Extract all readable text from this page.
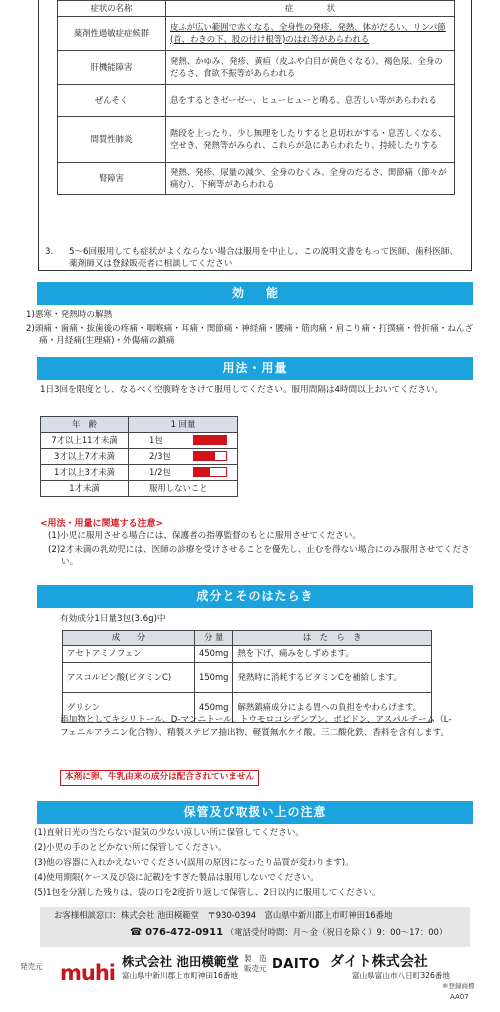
症状の名称	症　　　　状
薬剤性過敏症症候群	皮ふが広い範囲で赤くなる、全身性の発疹、発熱、体がだるい、リンパ節(首、わきの下、股の付け根等)のはれ等があらわれる
肝機能障害	発熱、かゆみ、発疹、黄疸（皮ふや白目が黄色くなる）、褐色尿、全身のだるさ、食欲不振等があらわれる
ぜんそく	息をするときゼーゼー、ヒューヒューと鳴る、息苦しい等があらわれる
間質性肺炎	階段を上ったり、少し無理をしたりすると息切れがする・息苦しくなる、空せき、発熱等がみられ、これらが急にあらわれたり、持続したりする
腎障害	発熱、発疹、尿量の減少、全身のむくみ、全身のだるさ、関節痛（節々が痛む）、下痢等があらわれる
3.	5～6回服用しても症状がよくならない場合は服用を中止し、この説明文書をもって医師、歯科医師、薬剤師又は登録販売者に相談してください
効能
1)悪寒・発熱時の解熱
2)頭痛・歯痛・抜歯後の疼痛・咽喉痛・耳痛・関節痛・神経痛・腰痛・筋肉痛・肩こり痛・打撲痛・骨折痛・ねんざ痛・月経痛(生理痛)・外傷痛の鎮痛
用法・用量
1日3回を限度とし、なるべく空腹時をさけて服用してください。服用間隔は4時間以上おいてください。
年　齢	1 回量
7才以上11才未満	1包

3才以上7才未満	2/3包

1才以上3才未満	1/2包

1才未満	服用しないこと
<用法・用量に関連する注意>
(1)小児に服用させる場合には、保護者の指導監督のもとに服用させてください。
(2)2才未満の乳幼児には、医師の診療を受けさせることを優先し、止むを得ない場合にのみ服用させてください。
成分とそのはたらき
有効成分1日量3包(3.6g)中
成　　分	分 量	は　た　ら　き
アセトアミノフェン	450mg	熱を下げ、痛みをしずめます。
アスコルビン酸(ビタミンC)	150mg	発熱時に消耗するビタミンCを補給します。
グリシン	450mg	解熱鎮痛成分による胃への負担をやわらげます。
添加物としてキシリトール、D-マンニトール、トウモロコシデンプン、ポビドン、アスパルテーム（L-フェニルアラニン化合物）、精製ステビア抽出物、軽質無水ケイ酸、三二酸化鉄、香料を含有します。
本剤に卵、牛乳由来の成分は配合されていません
保管及び取扱い上の注意
(1)直射日光の当たらない湿気の少ない涼しい所に保管してください。
(2)小児の手のとどかない所に保管してください。
(3)他の容器に入れかえないでください(誤用の原因になったり品質が変わります)。
(4)使用期限(ケース及び袋に記載)をすぎた製品は服用しないでください。
(5)1包を分割した残りは、袋の口を2度折り返して保管し、2日以内に服用してください。
お客様相談窓口：株式会社 池田模範堂　〒930-0394　富山県中新川郡上市町神田16番地
☎ 076-472-0911 （電話受付時間：月～金（祝日を除く）9：00～17：00）
発売元 muhi 株式会社 池田模範堂
富山県中新川郡上市町神田16番地
製　造
販売元 DAITO ダイト株式会社
富山県富山市八日町326番地
®登録商標
AA07
